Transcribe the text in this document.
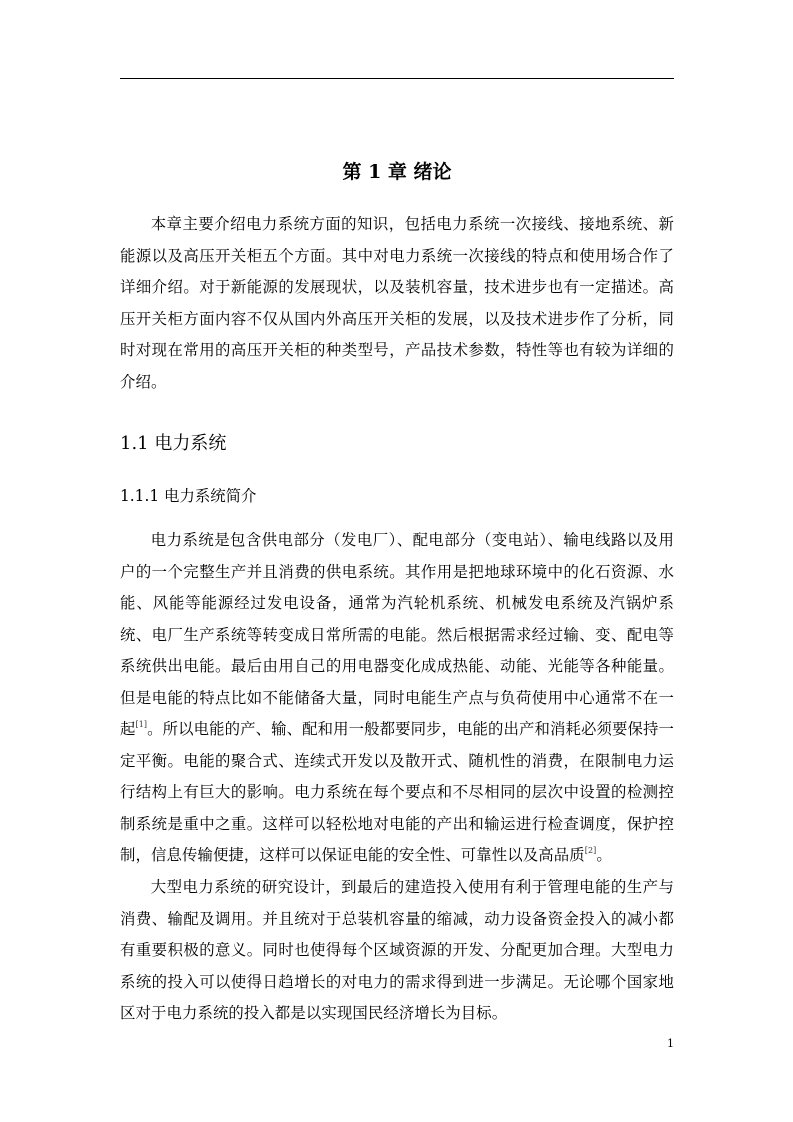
第 1 章 绪论

本章主要介绍电力系统方面的知识，包括电力系统一次接线、接地系统、新能源以及高压开关柜五个方面。其中对电力系统一次接线的特点和使用场合作了详细介绍。对于新能源的发展现状，以及装机容量，技术进步也有一定描述。高压开关柜方面内容不仅从国内外高压开关柜的发展，以及技术进步作了分析，同时对现在常用的高压开关柜的种类型号，产品技术参数，特性等也有较为详细的介绍。

1.1 电力系统
1.1.1 电力系统简介

电力系统是包含供电部分（发电厂）、配电部分（变电站）、输电线路以及用户的一个完整生产并且消费的供电系统。其作用是把地球环境中的化石资源、水能、风能等能源经过发电设备，通常为汽轮机系统、机械发电系统及汽锅炉系统、电厂生产系统等转变成日常所需的电能。然后根据需求经过输、变、配电等系统供出电能。最后由用自己的用电器变化成成热能、动能、光能等各种能量。但是电能的特点比如不能储备大量，同时电能生产点与负荷使用中心通常不在一起[1]。所以电能的产、输、配和用一般都要同步，电能的出产和消耗必须要保持一定平衡。电能的聚合式、连续式开发以及散开式、随机性的消费，在限制电力运行结构上有巨大的影响。电力系统在每个要点和不尽相同的层次中设置的检测控制系统是重中之重。这样可以轻松地对电能的产出和输运进行检查调度，保护控制，信息传输便捷，这样可以保证电能的安全性、可靠性以及高品质[2]。

大型电力系统的研究设计，到最后的建造投入使用有利于管理电能的生产与消费、输配及调用。并且统对于总装机容量的缩减，动力设备资金投入的减小都有重要积极的意义。同时也使得每个区域资源的开发、分配更加合理。大型电力系统的投入可以使得日趋增长的对电力的需求得到进一步满足。无论哪个国家地区对于电力系统的投入都是以实现国民经济增长为目标。

1
